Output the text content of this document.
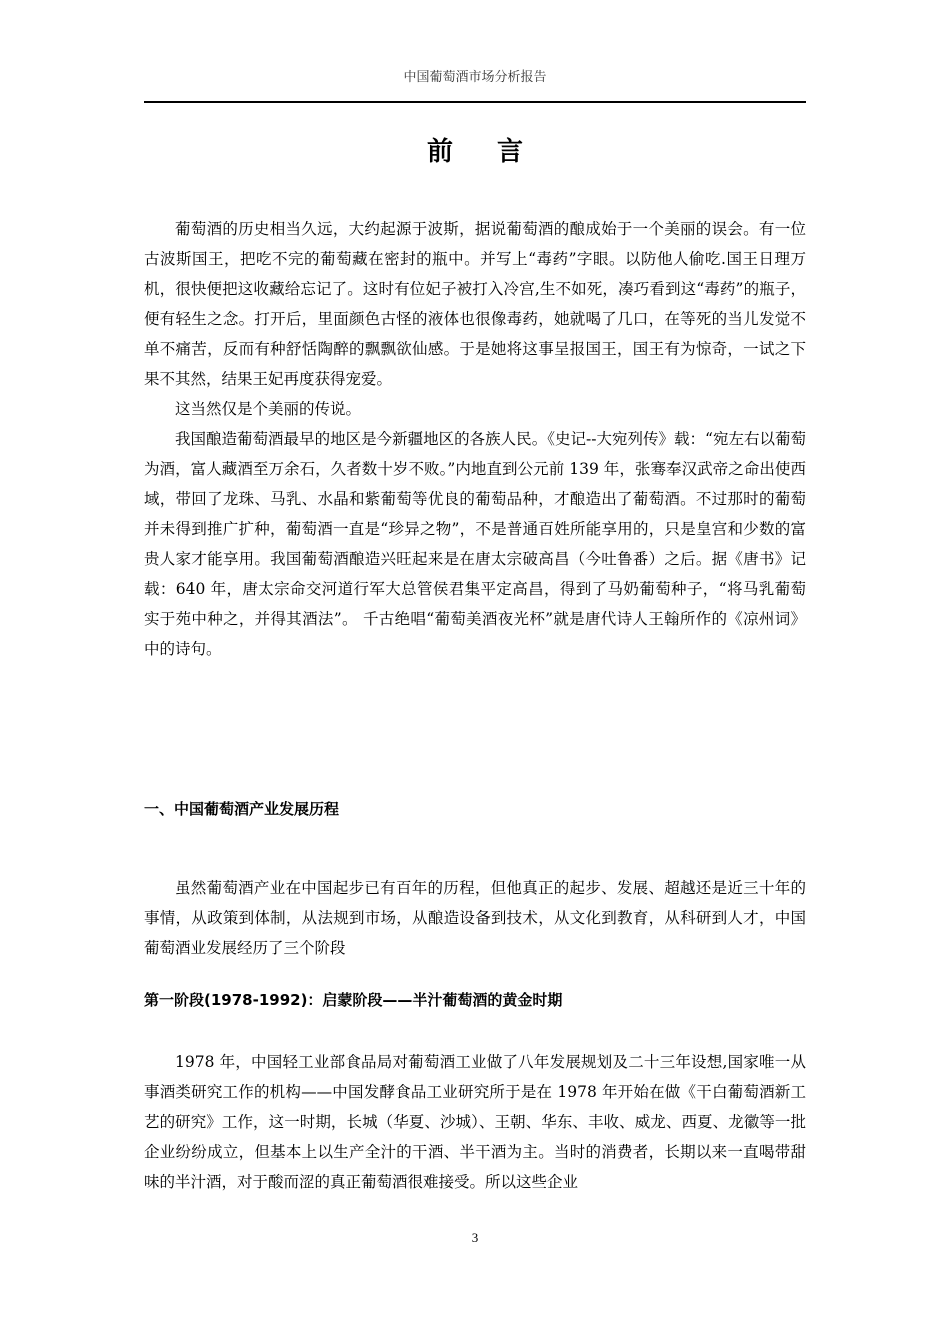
中国葡萄酒市场分析报告
前言

葡萄酒的历史相当久远，大约起源于波斯，据说葡萄酒的酿成始于一个美丽的误会。有一位古波斯国王，把吃不完的葡萄藏在密封的瓶中。并写上“毒药”字眼。以防他人偷吃.国王日理万机，很快便把这收藏给忘记了。这时有位妃子被打入冷宫,生不如死，凑巧看到这“毒药”的瓶子，便有轻生之念。打开后，里面颜色古怪的液体也很像毒药，她就喝了几口，在等死的当儿发觉不单不痛苦，反而有种舒恬陶醉的飘飘欲仙感。于是她将这事呈报国王，国王有为惊奇，一试之下果不其然，结果王妃再度获得宠爱。

这当然仅是个美丽的传说。

我国酿造葡萄酒最早的地区是今新疆地区的各族人民。《史记--大宛列传》载：“宛左右以葡萄为酒，富人藏酒至万余石，久者数十岁不败。”内地直到公元前 139 年，张骞奉汉武帝之命出使西域，带回了龙珠、马乳、水晶和紫葡萄等优良的葡萄品种，才酿造出了葡萄酒。不过那时的葡萄并未得到推广扩种，葡萄酒一直是“珍异之物”，不是普通百姓所能享用的，只是皇宫和少数的富贵人家才能享用。我国葡萄酒酿造兴旺起来是在唐太宗破高昌（今吐鲁番）之后。据《唐书》记载：640 年，唐太宗命交河道行军大总管侯君集平定高昌，得到了马奶葡萄种子，“将马乳葡萄实于苑中种之，并得其酒法”。 千古绝唱“葡萄美酒夜光杯”就是唐代诗人王翰所作的《凉州词》中的诗句。

一、中国葡萄酒产业发展历程

虽然葡萄酒产业在中国起步已有百年的历程，但他真正的起步、发展、超越还是近三十年的事情，从政策到体制，从法规到市场，从酿造设备到技术，从文化到教育，从科研到人才，中国葡萄酒业发展经历了三个阶段

第一阶段(1978-1992)：启蒙阶段——半汁葡萄酒的黄金时期

1978 年，中国轻工业部食品局对葡萄酒工业做了八年发展规划及二十三年设想,国家唯一从事酒类研究工作的机构——中国发酵食品工业研究所于是在 1978 年开始在做《干白葡萄酒新工艺的研究》工作，这一时期，长城（华夏、沙城）、王朝、华东、丰收、威龙、西夏、龙徽等一批企业纷纷成立，但基本上以生产全汁的干酒、半干酒为主。当时的消费者，长期以来一直喝带甜味的半汁酒，对于酸而涩的真正葡萄酒很难接受。所以这些企业

3
